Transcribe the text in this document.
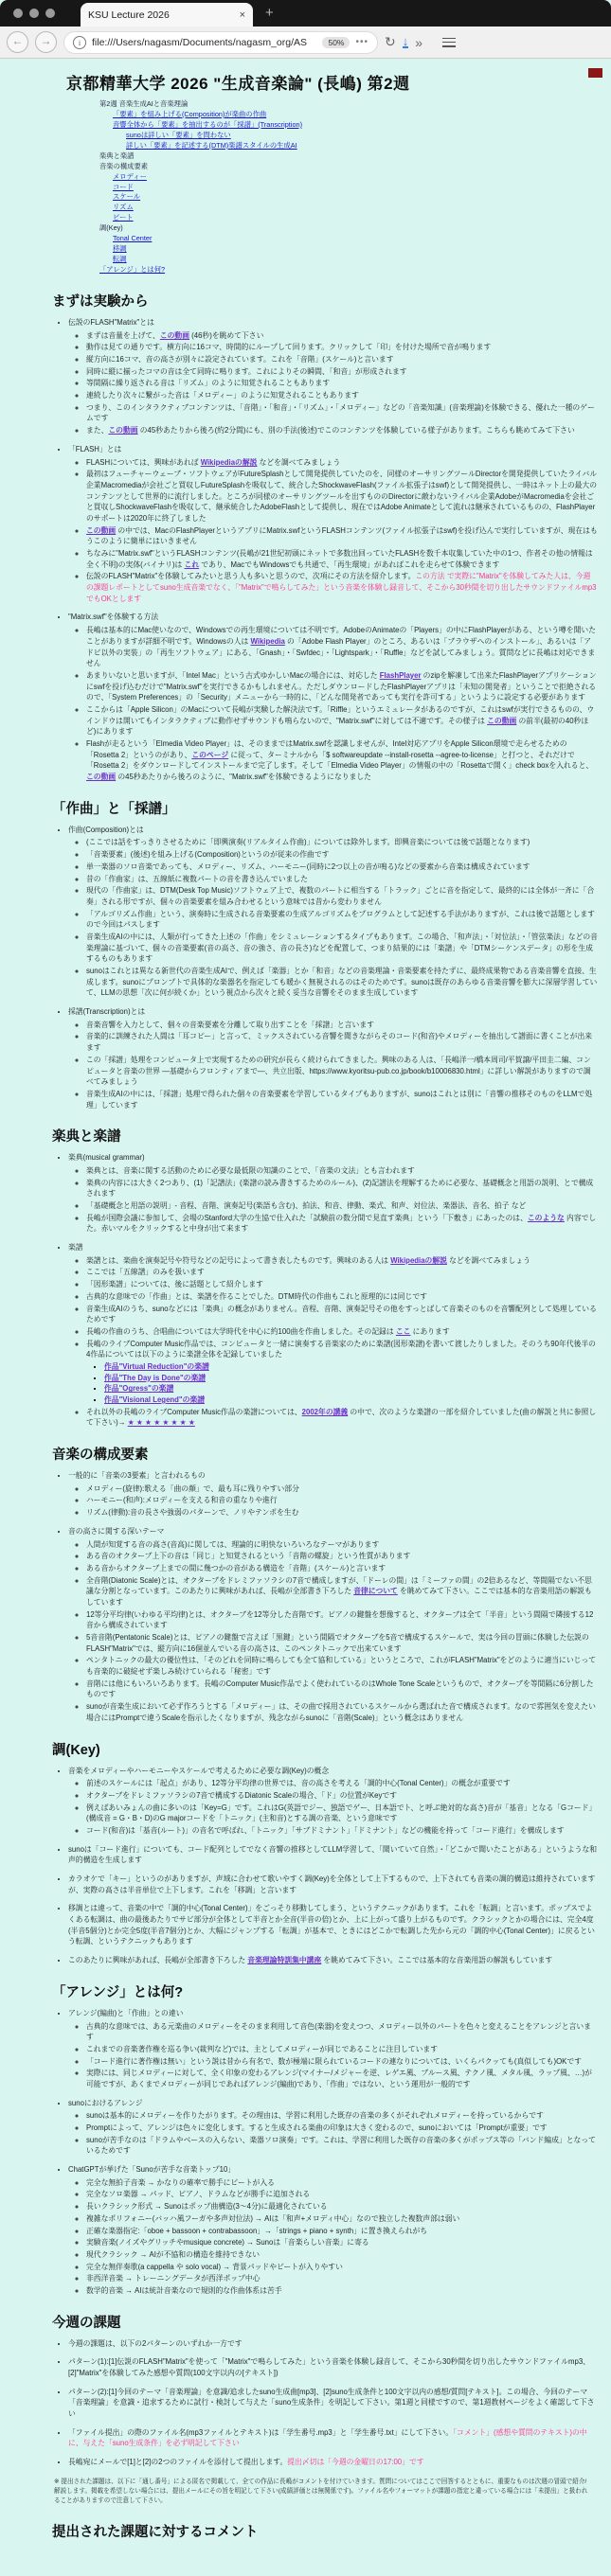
KSU Lecture 2026	× +
←	→	i	file:///Users/nagasm/Documents/nagasm_org/AS	50%	••• ↻ ↓ »
京都精華大学 2026 "生成音楽論" (長嶋) 第2週
第2週 音楽生成AIと音楽理論
「要素」を組み上げる(Composition)が楽曲の作曲
音響全体から「要素」を抽出するのが「採譜」(Transcription)
sunoは詳しい「要素」を問わない
詳しい「要素」を記述する(DTM)楽譜スタイルの生成AI
楽典と楽譜
音楽の構成要素
メロディー
コード
スケール
リズム
ビート
調(Key)
Tonal Center
移調
転調
「アレンジ」とは何?
まずは実験から
• 伝説のFLASH"Matrix"とは
◦ まずは音量を上げて、この動画 (46秒)を眺めて下さい
◦ 動作は見ての通りです。横方向に16コマ、時間的にループして回ります。クリックして「印」を付けた場所で音が鳴ります
◦ 縦方向に16コマ、音の高さが別々に設定されています。これを「音階」(スケール)と言います
◦ 同時に縦に揃ったコマの音は全て同時に鳴ります。これによりその瞬間、「和音」が形成されます
◦ 等間隔に繰り返される音は「リズム」のように知覚されることもあります
◦ 連続したり次々に繋がった音は「メロディー」のように知覚されることもあります
◦ つまり、このインタラクティブコンテンツは、「音階」・「和音」・「リズム」・「メロディー」などの「音楽知識」(音楽理論)を体験できる、優れた一種のゲームです
◦ また、この動画 の45秒あたりから後ろ(約2分間)にも、別の手法(後述)でこのコンテンツを体験している様子があります。こちらも眺めてみて下さい
• 「FLASH」とは
◦ FLASHについては、興味があれば Wikipediaの解説 などを調べてみましょう
◦ 最初はフューチャーウェーブ・ソフトウェアがFutureSplashとして開発提供していたのを、同様のオーサリングツールDirectorを開発提供していたライバル企業Macromediaが会社ごと買収しFutureSplashを吸収して、統合したShockwaveFlash(ファイル拡張子はswf)として開発提供し、一時はネット上の最大のコンテンツとして世界的に流行しました。ところが同様のオーサリングツールを出すもののDirectorに敵わないライバル企業AdobeがMacromediaを会社ごと買収しShockwaveFlashを吸収して、継承統合したAdobeFlashとして提供し、現在ではAdobe Animateとして流れは継承されているものの、FlashPlayerのサポートは2020年に終了しました
◦ この動画 の中では、MacのFlashPlayerというアプリにMatrix.swfというFLASHコンテンツ(ファイル拡張子はswf)を投げ込んで実行していますが、現在はもうこのように簡単にはいきません
◦ ちなみに"Matrix.swf"というFLASHコンテンツ(長嶋が21世紀初頭にネットで多数出回っていたFLASHを数千本収集していた中の1つ、作者その他の情報は全く不明)の実体(バイナリ)は これ であり、MacでもWindowsでも共通で、「再生環境」があればこれを走らせて体験できます
◦ 伝説のFLASH"Matrix"を体験してみたいと思う人も多いと思うので、次項にその方法を紹介します。この方法 で実際に"Matrix"を体験してみた人は、今週の課題レポートとしてsuno生成音楽でなく、「"Matrix"で鳴らしてみた」という音楽を体験し録音して、そこから30秒間を切り出したサウンドファイルmp3でもOKとします
• "Matrix.swf"を体験する方法
◦ 長嶋は基本的にMac使いなので、Windowsでの再生環境については不明です。AdobeのAnimateの「Players」の中にFlashPlayerがある、という噂を聞いたことがありますが詳細不明です。Windowsの人は Wikipedia の「Adobe Flash Player」のところ、あるいは「ブラウザへのインストール」、あるいは「アドビ以外の実装」の「再生ソフトウェア」にある、「Gnash」・「Swfdec」・「Lightspark」・「Ruffle」などを試してみましょう。質問などに長嶋は対応できません
◦ あまりいないと思いますが、「Intel Mac」という古式ゆかしいMacの場合には、対応した FlashPlayer のzipを解凍して出来たFlashPlayerアプリケーションにswfを投げ込むだけで"Matrix.swf"を実行できるかもしれません。ただしダウンロードしたFlashPlayerアプリは「未知の開発者」ということで拒絶されるので、「System Preferences」の「Security」メニューから一時的に、「どんな開発者であっても実行を許可する」というように設定する必要があります
◦ ここからは「Apple Silicon」のMacについて長嶋が実験した解決法です。「Riffle」というエミュレータがあるのですが、これはswfが実行できるものの、ウインドウは開いてもインタラクティブに動作せずサウンドも鳴らないので、"Matrix.swf"に対しては不適です。その様子は この動画 の前半(最初の40秒ほど)にあります
◦ Flashが走るという「Elmedia Video Player」は、そのままではMatrix.swfを認識しませんが、Intel対応アプリをApple Silicon環境で走らせるための「Rosetta 2」というのがあり、このページ に従って、ターミナルから「$ softwareupdate --install-rosetta --agree-to-license」と打つと、それだけで「Rosetta 2」をダウンロードしてインストールまで完了します。そして「Elmedia Video Player」の情報の中の「Rosettaで開く」check boxを入れると、この動画 の45秒あたりから後ろのように、"Matrix.swf"を体験できるようになりました
「作曲」と「採譜」
• 作曲(Composition)とは
◦ (ここでは話をすっきりさせるために「即興演奏(リアルタイム作曲)」については除外します。即興音楽については後で話題となります)
◦ 「音楽要素」(後述)を組み上げる(Composition)というのが従来の作曲です
◦ 単一楽器のソロ音楽であっても、メロディー、リズム、ハーモニー(同時に2つ以上の音が鳴る)などの要素から音楽は構成されています
◦ 昔の「作曲家」は、五線紙に複数パートの音を書き込んでいました
◦ 現代の「作曲家」は、DTM(Desk Top Music)ソフトウェア上で、複数のパートに相当する「トラック」ごとに音を指定して、最終的には全体が一斉に「合奏」される形ですが、個々の音楽要素を組み合わせるという意味では昔から変わりません
◦ 「アルゴリズム作曲」という、演奏時に生成される音楽要素の生成アルゴリズムをプログラムとして記述する手法がありますが、これは後で話題としますので今回はパスします
◦ 音楽生成AIの中には、人類が行ってきた上述の「作曲」をシミュレーションするタイプもあります。この場合、「和声法」・「対位法」・「管弦楽法」などの音楽理論に基づいて、個々の音楽要素(音の高さ、音の強さ、音の長さ)などを配置して、つまり結果的には「楽譜」や「DTMシーケンスデータ」の形を生成するものもあります
◦ sunoはこれとは異なる新世代の音楽生成AIで、例えば「楽器」とか「和音」などの音楽理論・音楽要素を持たずに、最終成果物である音楽音響を直接、生成します。sunoにプロンプトで具体的な楽器名を指定しても暖かく無視されるのはそのためです。sunoは既存のあらゆる音楽音響を膨大に深層学習していて、LLMの思想「次に何が続くか」という視点から次々と続く妥当な音響をそのまま生成しています
• 採譜(Transcription)とは
◦ 音楽音響を入力として、個々の音楽要素を分離して取り出すことを「採譜」と言います
◦ 音楽的に訓練された人間は「耳コピー」と言って、ミックスされている音響を聞きながらそのコード(和音)やメロディーを抽出して譜面に書くことが出来ます
◦ この「採譜」処理をコンピュータ上で実現するための研究が長らく続けられてきました。興味のある人は、「長嶋洋一/橋本周司/平賀譲/平田圭二編、コンピュータと音楽の世界 ―基礎からフロンティアまで―、共立出版、https://www.kyoritsu-pub.co.jp/book/b10006830.html」に詳しい解説がありますので調べてみましょう
◦ 音楽生成AIの中には、「採譜」処理で得られた個々の音楽要素を学習しているタイプもありますが、sunoはこれとは別に「音響の推移そのものをLLMで処理」しています
楽典と楽譜
• 楽典(musical grammar)
◦ 楽典とは、音楽に関する活動のために必要な最低限の知識のことで、「音楽の文法」とも言われます
◦ 楽典の内容には大きく2つあり、(1)「記譜法」(楽譜の読み書きするためのルール)、(2)記譜法を理解するために必要な、基礎概念と用語の説明、とで構成されます
◦ 「基礎概念と用語の説明」- 音程、音階、演奏記号(楽語も含む)、拍法、和音、律動、楽式、和声、対位法、楽器法、音名、拍子 など
◦ 長嶋が国際会議に参加して、会場のStanford大学の生協で仕入れた「試験前の数分間で見直す楽典」という「下敷き」にあったのは、このような 内容でした。赤いマルをクリックすると中身が出て来ます
• 楽譜
◦ 楽譜とは、楽曲を演奏記号や符号などの記号によって書き表したものです。興味のある人は Wikipediaの解説 などを調べてみましょう
◦ ここでは「五線譜」のみを扱います
◦ 「図形楽譜」については、後に話題として紹介します
◦ 古典的な意味での「作曲」とは、楽譜を作ることでした。DTM時代の作曲もこれと原理的には同じです
◦ 音楽生成AIのうち、sunoなどには「楽典」の概念がありません。音程、音階、演奏記号その他をすっとばして音楽そのものを音響配列として処理しているためです
◦ 長嶋の作曲のうち、合唱曲については大学時代を中心に約100曲を作曲しました。その記録は ここ にあります
◦ 長嶋のライブComputer Music作品では、コンピュータと一緒に演奏する音楽家のために楽譜(図形楽譜)を書いて渡したりしました。そのうち90年代後半の4作品については以下のように楽譜全体を記録していました
▪ 作品"Virtual Reduction"の楽譜
▪ 作品"The Day is Done"の楽譜
▪ 作品"Ogress"の楽譜
▪ 作品"Visional Legend"の楽譜
◦ それ以外の長嶋のライブComputer Music作品の楽譜については、2002年の講義 の中で、次のような楽譜の一部を紹介していました(曲の解説と共に参照して下さい)→ ★ ★ ★ ★ ★ ★ ★ ★
音楽の構成要素
• 一般的に「音楽の3要素」と言われるもの
◦ メロディー(旋律):歌える「曲の顔」で、最も耳に残りやすい部分
◦ ハーモニー(和声):メロディーを支える和音の重なりや進行
◦ リズム(律動):音の長さや強弱のパターンで、ノリやテンポを生む
• 音の高さに関する深いテーマ
◦ 人間が知覚する音の高さ(音高)に関しては、理論的に明快ないろいろなテーマがあります
◦ ある音のオクターブ上下の音は「同じ」と知覚されるという「音階の螺旋」という性質があります
◦ ある音からオクターブ上までの間に幾つかの音がある構造を「音階」(スケール)と言います
◦ 全音階(Diatonic Scale)とは、オクターブをドレミファソラシの7音で構成しますが、「ドーレの間」は「ミーファの間」の2倍あるなど、等間隔でない不思議な分割となっています。このあたりに興味があれば、長嶋が全部書き下ろした 音律について を眺めてみて下さい。ここでは基本的な音楽用語の解説もしています
◦ 12等分平均律(いわゆる平均律)とは、オクターブを12等分した音階です。ピアノの鍵盤を想像すると、オクターブは全て「半音」という間隔で隣接する12音から構成されています
◦ 5音音階(Pentatonic Scale)とは、ピアノの鍵盤で言えば「黒鍵」という間隔でオクターブを5音で構成するスケールで、実は今回の冒頭に体験した伝説のFLASH"Matrix"では、縦方向に16個並んでいる音の高さは、このペンタトニックで出来ています
◦ ペンタトニックの最大の優位性は、「そのどれを同時に鳴らしても全て協和している」というところで、これがFLASH"Matrix"をどのように適当にいじっても音楽的に破綻せず楽しみ続けていられる「秘密」です
◦ 音階には他にもいろいろあります。長嶋のComputer Music作品でよく使われているのはWhole Tone Scaleというもので、オクターブを等間隔に6分割したものです
◦ sunoが音楽生成において必ず作ろうとする「メロディー」は、その曲で採用されているスケールから選ばれた音で構成されます。なので雰囲気を変えたい場合にはPromptで違うScaleを指示したくなりますが、残念ながらsunoに「音階(Scale)」という概念はありません
調(Key)
• 音楽をメロディーやハーモニーやスケールで考えるために必要な調(Key)の概念
◦ 前述のスケールには「起点」があり、12等分平均律の世界では、音の高さを考える「調的中心(Tonal Center)」の概念が重要です
◦ オクターブをドレミファソラシの7音で構成するDiatonic Scaleの場合、「ド」の位置がKeyです
◦ 例えばあいみょんの曲に多いのは「Key=G」です。これはG(英語でジー、独語でゲー、日本語でト、と呼ぶ絶対的な高さ)音が「基音」となる「Gコード」(構成音 = G・B・D)のG majorコードを「トニック」(主和音)とする調の音楽、という意味です
◦ コード(和音)は「基音(ルート)」の音名で呼ばれ、「トニック」「サブドミナント」「ドミナント」などの機能を持って「コード進行」を構成します
• sunoは「コード進行」についても、コード配列としてでなく音響の推移としてLLM学習して、「聞いていて自然」・「どこかで聞いたことがある」というような和声的構造を生成します
• カラオケで「キー」というのがありますが、声域に合わせて歌いやすく調(Key)を全体として上下するもので、上下されても音楽の調的構造は維持されていますが、実際の高さは半音単位で上下します。これを「移調」と言います
• 移調とは違って、音楽の中で「調的中心(Tonal Center)」をごっそり移動してしまう、というテクニックがあります。これを「転調」と言います。ポップスでよくある転調は、曲の最後あたりでサビ部分が全体として半音とか全音(半音の倍)とか、上に上がって盛り上がるものです。クラシックとかの場合には、完全4度(半音5個分)とか完全5度(半音7個分)とか、大幅にジャンプする「転調」が基本で、ときにはどこかで転調した先から元の「調的中心(Tonal Center)」に戻るという転調、というテクニックもあります
• このあたりに興味があれば、長嶋が全部書き下ろした 音楽理論特訓集中講座 を眺めてみて下さい。ここでは基本的な音楽用語の解説もしています
「アレンジ」とは何?
• アレンジ(編曲)と「作曲」との違い
◦ 古典的な意味では、ある元楽曲のメロディーをそのまま利用して音色(楽器)を変えつつ、メロディー以外のパートを色々と変えることをアレンジと言います
◦ これまでの音楽著作権を巡る争い(裁判など)では、主としてメロディーが同じであることに注目しています
◦ 「コード進行に著作権は無い」という説は昔から有名で、数が極端に限られているコードの連なりについては、いくらパクッても(真似しても)OKです
◦ 実際には、同じメロディーに対して、全く印象の変わるアレンジ(マイナー/メジャーを逆、レゲエ風、ブルース風、テクノ風、メタル風、ラップ風、…)が可能ですが、あくまでメロディーが同じであればアレンジ(編曲)であり、「作曲」ではない、という運用が一般的です
• sunoにおけるアレンジ
◦ sunoは基本的にメロディーを作りたがります。その理由は、学習に利用した既存の音楽の多くがそれぞれメロディーを持っているからです
◦ Promptによって、アレンジは色々に変化します。すると生成される楽曲の印象は大きく変わるので、sunoにおいては「Promptが重要」です
◦ sunoが苦手なのは「ドラムやベースの入らない、楽器ソロ演奏」です。これは、学習に利用した既存の音楽の多くがポップス等の「バンド編成」となっているためです
• ChatGPTが挙げた「Sunoが苦手な音楽トップ10」
◦ 完全な無拍子音楽 → かなりの確率で勝手にビートが入る
◦ 完全なソロ楽器 → パッド、ピアノ、ドラムなどが勝手に追加される
◦ 長いクラシック形式 → Sunoはポップ曲構造(3〜4分)に最適化されている
◦ 複雑なポリフォニー(バッハ風フーガや多声対位法) → AIは「和声+メロディ中心」なので独立した複数声部は弱い
◦ 正確な楽器指定:「oboe + bassoon + contrabassoon」→「strings + piano + synth」に置き換えられがち
◦ 実験音楽(ノイズやグリッチやmusique concrete) → Sunoは「音楽らしい音楽」に寄る
◦ 現代クラシック → AIが不協和の構造を維持できない
◦ 完全な無伴奏歌(a cappella や solo vocal) → 背景パッドやビートが入りやすい
◦ 非西洋音楽 → トレーニングデータが西洋ポップ中心
◦ 数学的音楽 → AIは統計音楽なので規則的な作曲体系は苦手
今週の課題
• 今週の課題は、以下の2パターンのいずれか一方です
• パターン(1):[1]伝説のFLASH"Matrix"を使って「"Matrix"で鳴らしてみた」という音楽を体験し録音して、そこから30秒間を切り出したサウンドファイルmp3、[2]"Matrix"を体験してみた感想や質問(100文字以内の[テキスト])
• パターン(2):[1]今回のテーマ「音楽理論」を意識/追求したsuno生成曲[mp3]、[2]suno生成条件と100文字以内の感想/質問[テキスト]。この場合、今回のテーマ「音楽理論」を意識・追求するために試行・検討して与えた「suno生成条件」を明記して下さい。第1週と同様ですので、第1週教材ページをよく確認して下さい
• 「ファイル提出」の際のファイル名(mp3ファイルとテキスト)は「学生番号.mp3」と「学生番号.txt」にして下さい。「コメント」(感想や質問のテキスト)の中に、与えた「suno生成条件」を必ず明記して下さい
• 長嶋宛にメールで[1]と[2]の2つのファイルを添付して提出します。提出〆切は「今週の金曜日の17:00」です
※ 提出された課題は、以下に「通し番号」による匿名で掲載して、全ての作品に長嶋がコメントを付けていきます。質問についてはここで回答するとともに、重要なものは次週の冒頭で紹介/解説します。掲載を希望しない場合には、提出メールにその旨を明記して下さい(成績評価とは無関係です)。ファイル名やフォーマットが課題の指定と違っている場合には「未提出」と扱われることがありますので注意して下さい。
提出された課題に対するコメント
